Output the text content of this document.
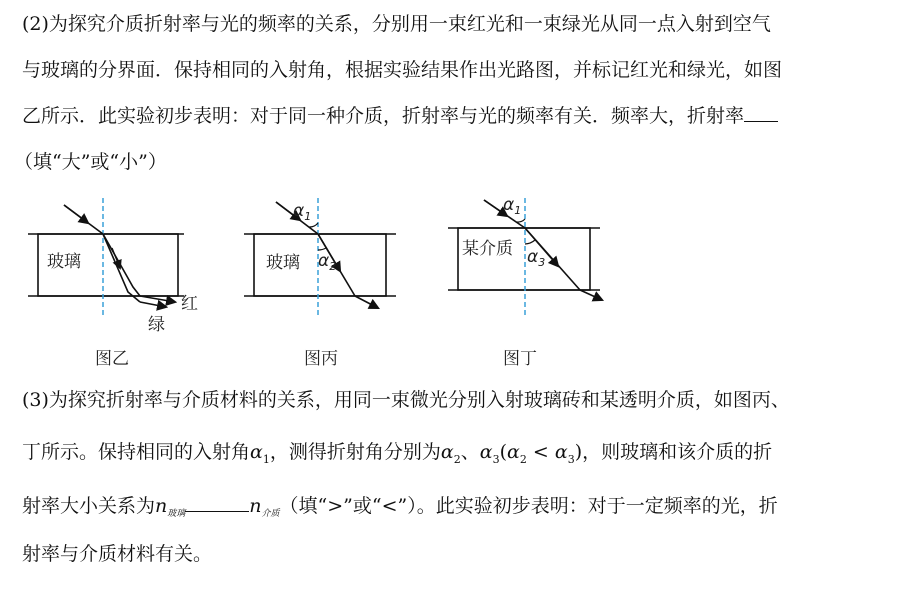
(2)为探究介质折射率与光的频率的关系，分别用一束红光和一束绿光从同一点入射到空气
与玻璃的分界面．保持相同的入射角，根据实验结果作出光路图，并标记红光和绿光，如图
乙所示．此实验初步表明：对于同一种介质，折射率与光的频率有关．频率大，折射率
（填“大”或“小”）
玻璃
红
绿
图乙
$\alpha_1$
$\alpha_2$
玻璃
图丙
$\alpha_1$
$\alpha_3$
某介质
图丁
(3)为探究折射率与介质材料的关系，用同一束微光分别入射玻璃砖和某透明介质，如图丙、
丁所示。保持相同的入射角$\alpha_1$，测得折射角分别为$\alpha_2$、$\alpha_3(\alpha_2 < \alpha_3)$，则玻璃和该介质的折
射率大小关系为$n_{玻璃}$	$n_{介质}$（填“>”或“<”）。此实验初步表明：对于一定频率的光，折
射率与介质材料有关。
